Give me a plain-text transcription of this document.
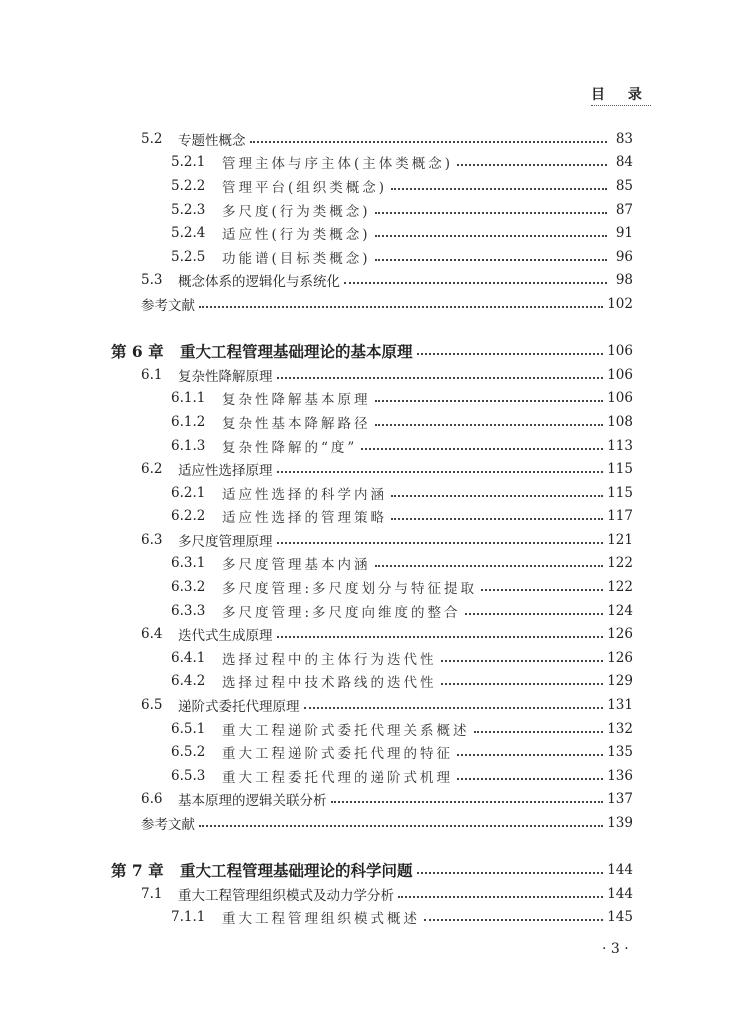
目 录
5.2	专题性概念	83
5.2.1	管理主体与序主体(主体类概念)	84
5.2.2	管理平台(组织类概念)	85
5.2.3	多尺度(行为类概念)	87
5.2.4	适应性(行为类概念)	91
5.2.5	功能谱(目标类概念)	96
5.3	概念体系的逻辑化与系统化	98
参考文献	102
第 6 章	重大工程管理基础理论的基本原理	106
6.1	复杂性降解原理	106
6.1.1	复杂性降解基本原理	106
6.1.2	复杂性基本降解路径	108
6.1.3	复杂性降解的“度”	113
6.2	适应性选择原理	115
6.2.1	适应性选择的科学内涵	115
6.2.2	适应性选择的管理策略	117
6.3	多尺度管理原理	121
6.3.1	多尺度管理基本内涵	122
6.3.2	多尺度管理:多尺度划分与特征提取	122
6.3.3	多尺度管理:多尺度向维度的整合	124
6.4	迭代式生成原理	126
6.4.1	选择过程中的主体行为迭代性	126
6.4.2	选择过程中技术路线的迭代性	129
6.5	递阶式委托代理原理	131
6.5.1	重大工程递阶式委托代理关系概述	132
6.5.2	重大工程递阶式委托代理的特征	135
6.5.3	重大工程委托代理的递阶式机理	136
6.6	基本原理的逻辑关联分析	137
参考文献	139
第 7 章	重大工程管理基础理论的科学问题	144
7.1	重大工程管理组织模式及动力学分析	144
7.1.1	重大工程管理组织模式概述	145
· 3 ·
